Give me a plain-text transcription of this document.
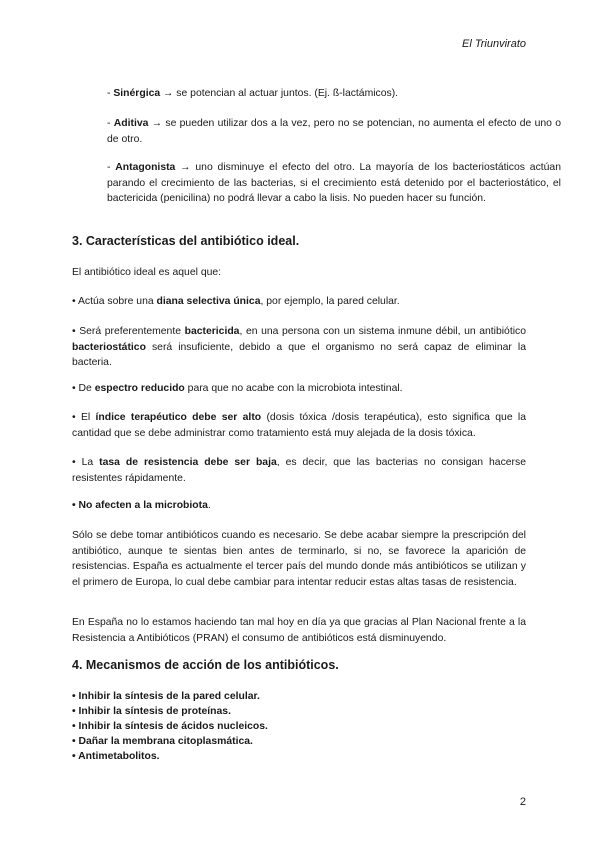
El Triunvirato

- Sinérgica → se potencian al actuar juntos. (Ej. ß-lactámicos).

- Aditiva → se pueden utilizar dos a la vez, pero no se potencian, no aumenta el efecto de uno o de otro.

- Antagonista → uno disminuye el efecto del otro. La mayoría de los bacteriostáticos actúan parando el crecimiento de las bacterias, si el crecimiento está detenido por el bacteriostático, el bactericida (penicilina) no podrá llevar a cabo la lisis. No pueden hacer su función.

3. Características del antibiótico ideal.

El antibiótico ideal es aquel que:

• Actúa sobre una diana selectiva única, por ejemplo, la pared celular.

• Será preferentemente bactericida, en una persona con un sistema inmune débil, un antibiótico bacteriostático será insuficiente, debido a que el organismo no será capaz de eliminar la bacteria.

• De espectro reducido para que no acabe con la microbiota intestinal.

• El índice terapéutico debe ser alto (dosis tóxica /dosis terapéutica), esto significa que la cantidad que se debe administrar como tratamiento está muy alejada de la dosis tóxica.

• La tasa de resistencia debe ser baja, es decir, que las bacterias no consigan hacerse resistentes rápidamente.

• No afecten a la microbiota.

Sólo se debe tomar antibióticos cuando es necesario. Se debe acabar siempre la prescripción del antibiótico, aunque te sientas bien antes de terminarlo, si no, se favorece la aparición de resistencias. España es actualmente el tercer país del mundo donde más antibióticos se utilizan y el primero de Europa, lo cual debe cambiar para intentar reducir estas altas tasas de resistencia.

En España no lo estamos haciendo tan mal hoy en día ya que gracias al Plan Nacional frente a la Resistencia a Antibióticos (PRAN) el consumo de antibióticos está disminuyendo.

4. Mecanismos de acción de los antibióticos.
• Inhibir la síntesis de la pared celular.
• Inhibir la síntesis de proteínas.
• Inhibir la síntesis de ácidos nucleicos.
• Dañar la membrana citoplasmática.
• Antimetabolitos.
2
